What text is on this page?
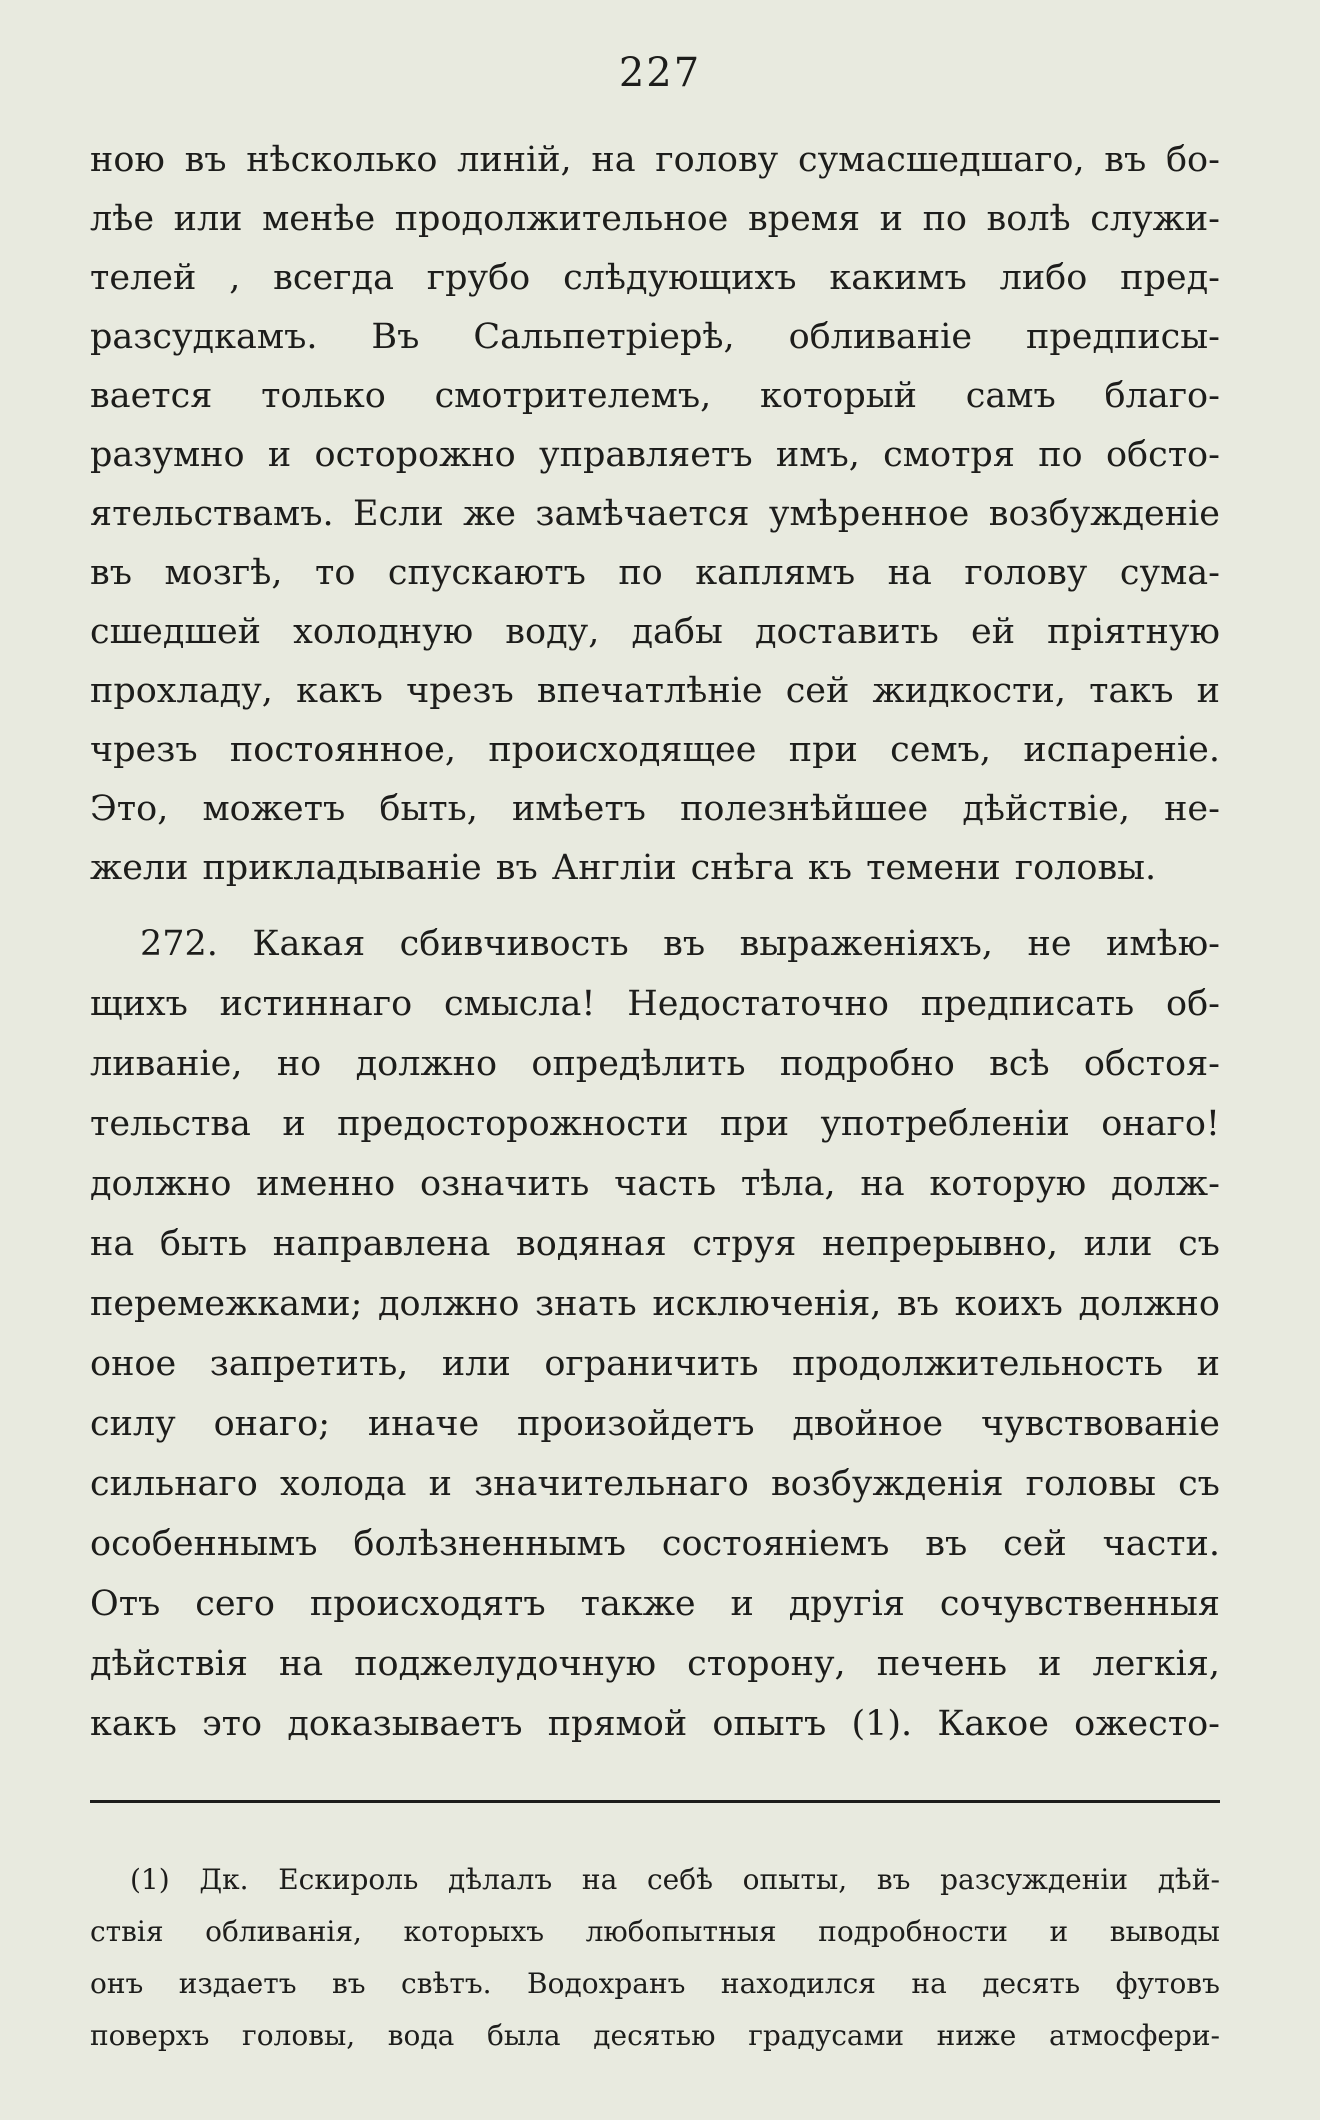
227
ною въ нѣсколько линій, на голову сумасшедшаго, въ бо-
лѣе или менѣе продолжительное время и по волѣ служи-
телей , всегда грубо слѣдующихъ какимъ либо пред-
разсудкамъ. Въ Сальпетріерѣ, обливаніе предписы-
вается только смотрителемъ, который самъ благо-
разумно и осторожно управляетъ имъ, смотря по обсто-
ятельствамъ. Если же замѣчается умѣренное возбужденіе
въ мозгѣ, то спускаютъ по каплямъ на голову сума-
сшедшей холодную воду, дабы доставить ей пріятную
прохладу, какъ чрезъ впечатлѣніе сей жидкости, такъ и
чрезъ постоянное, происходящее при семъ, испареніе.
Это, можетъ быть, имѣетъ полезнѣйшее дѣйствіе, не-
жели прикладываніе въ Англіи снѣга къ темени головы.
272. Какая сбивчивость въ выраженіяхъ, не имѣю-
щихъ истиннаго смысла! Недостаточно предписать об-
ливаніе, но должно опредѣлить подробно всѣ обстоя-
тельства и предосторожности при употребленіи онаго!
должно именно означить часть тѣла, на которую долж-
на быть направлена водяная струя непрерывно, или съ
перемежками; должно знать исключенія, въ коихъ должно
оное запретить, или ограничить продолжительность и
силу онаго; иначе произойдетъ двойное чувствованіе
сильнаго холода и значительнаго возбужденія головы съ
особеннымъ болѣзненнымъ состояніемъ въ сей части.
Отъ сего происходятъ также и другія сочувственныя
дѣйствія на поджелудочную сторону, печень и легкія,
какъ это доказываетъ прямой опытъ (1). Какое ожесто-
(1) Дк. Ескироль дѣлалъ на себѣ опыты, въ разсужденіи дѣй-
ствія обливанія, которыхъ любопытныя подробности и выводы
онъ издаетъ въ свѣтъ. Водохранъ находился на десять футовъ
поверхъ головы, вода была десятью градусами ниже атмосфери-
